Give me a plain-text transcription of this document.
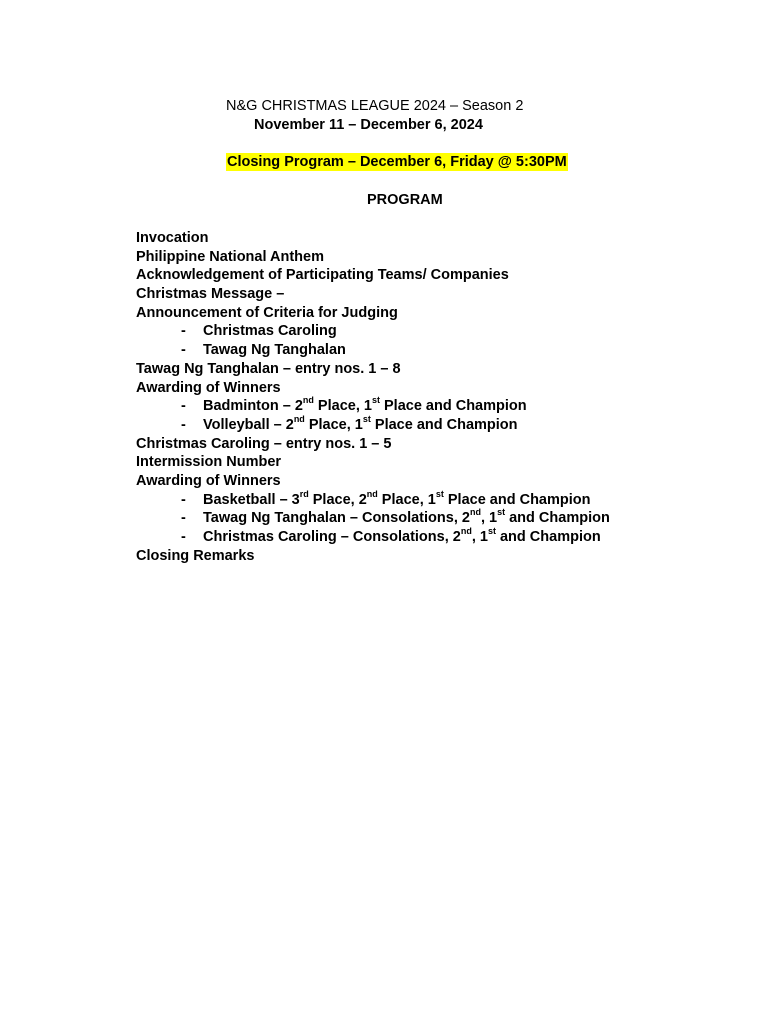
N&G CHRISTMAS LEAGUE 2024 – Season 2
November 11 – December 6, 2024
Closing Program – December 6, Friday @ 5:30PM
PROGRAM
Invocation
Philippine National Anthem
Acknowledgement of Participating Teams/ Companies
Christmas Message –
Announcement of Criteria for Judging
- Christmas Caroling
- Tawag Ng Tanghalan
Tawag Ng Tanghalan – entry nos. 1 – 8
Awarding of Winners
- Badminton – 2nd Place, 1st Place and Champion
- Volleyball – 2nd Place, 1st Place and Champion
Christmas Caroling – entry nos. 1 – 5
Intermission Number
Awarding of Winners
- Basketball – 3rd Place, 2nd Place, 1st Place and Champion
- Tawag Ng Tanghalan – Consolations, 2nd, 1st and Champion
- Christmas Caroling – Consolations, 2nd, 1st and Champion
Closing Remarks
